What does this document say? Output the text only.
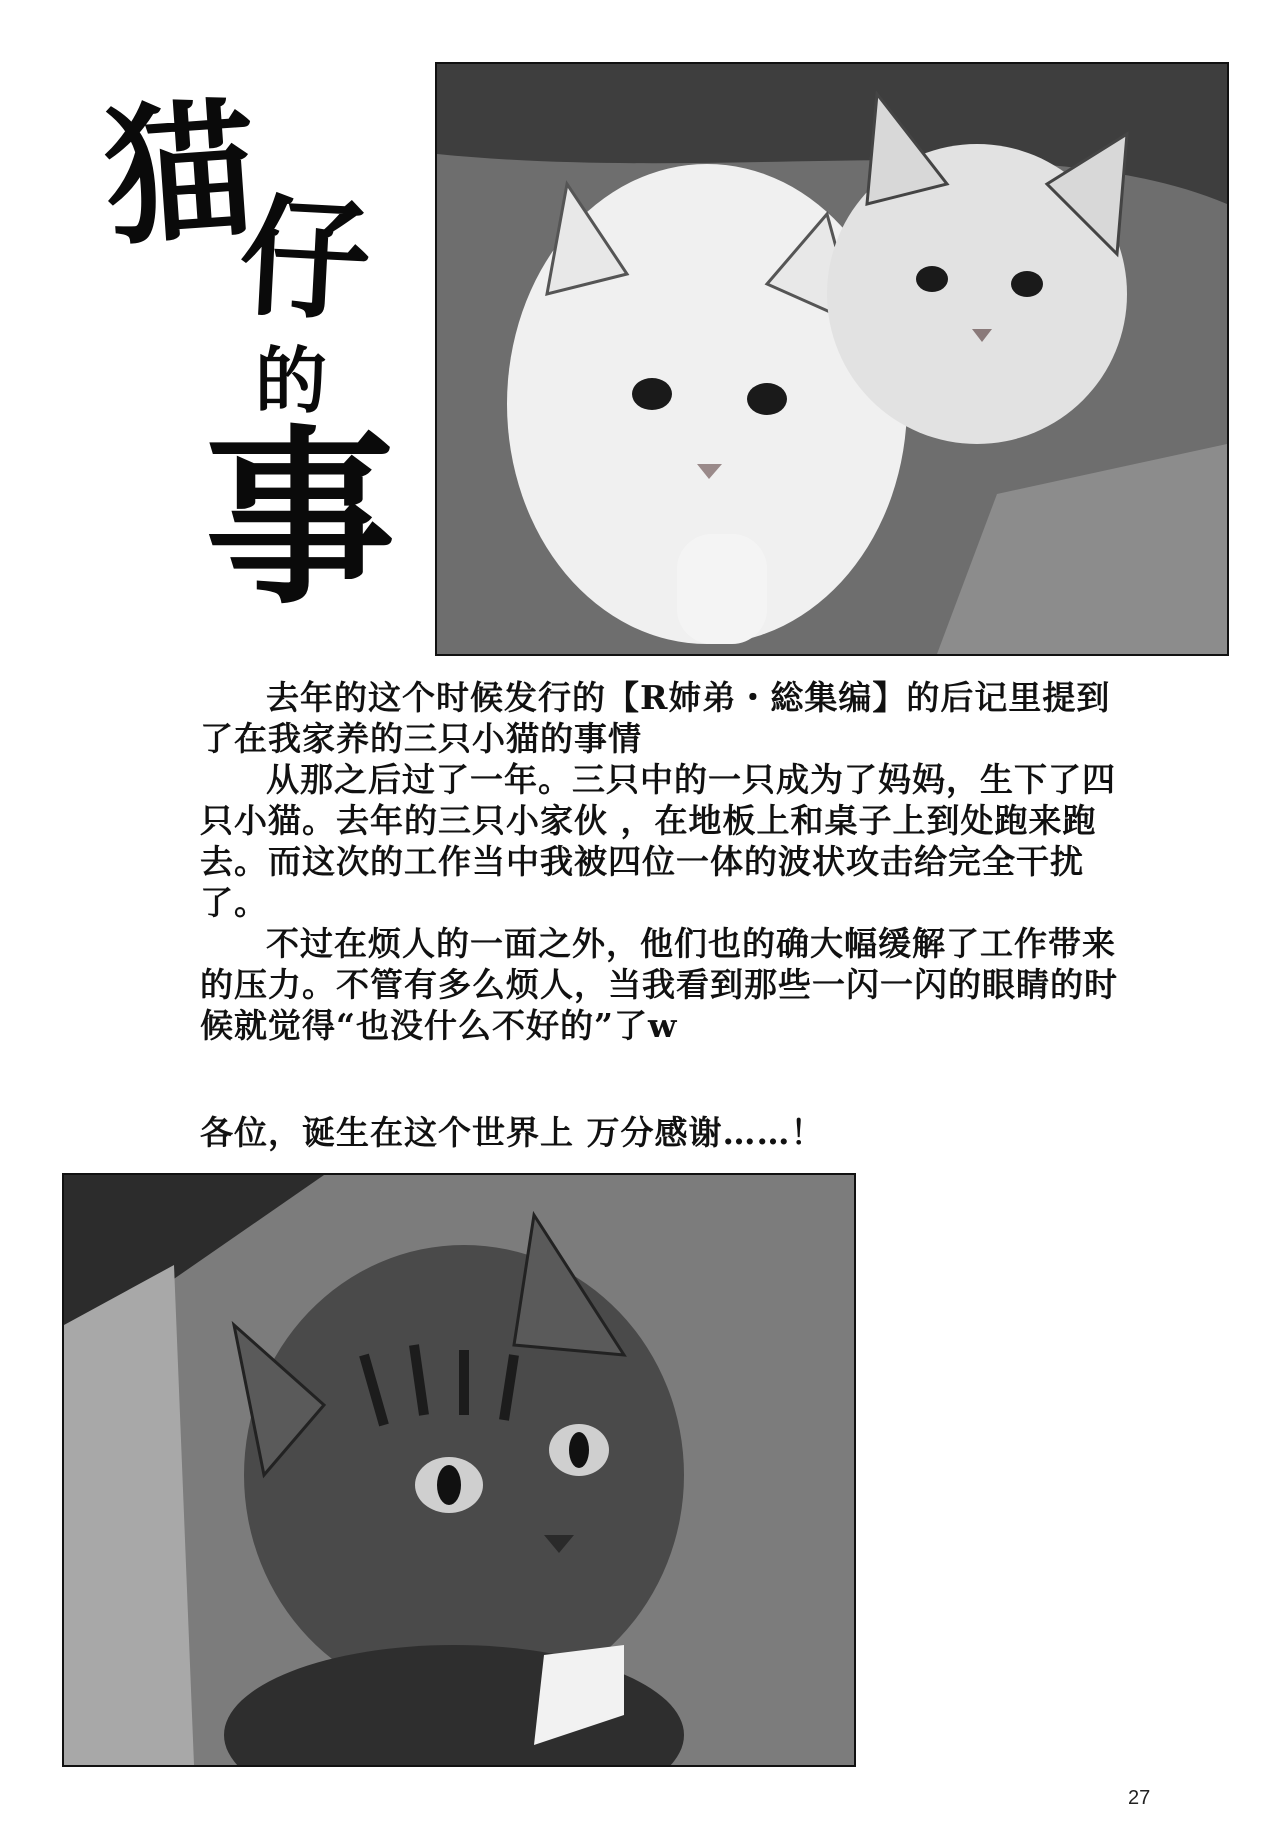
猫
仔
的
事

去年的这个时候发行的【R姉弟・総集编】的后记里提到了在我家养的三只小猫的事情

从那之后过了一年。三只中的一只成为了妈妈，生下了四只小猫。去年的三只小家伙 ，在地板上和桌子上到处跑来跑去。而这次的工作当中我被四位一体的波状攻击给完全干扰了。

不过在烦人的一面之外，他们也的确大幅缓解了工作带来的压力。不管有多么烦人，当我看到那些一闪一闪的眼睛的时候就觉得“也没什么不好的”了w

各位，诞生在这个世界上 万分感谢……！
27
